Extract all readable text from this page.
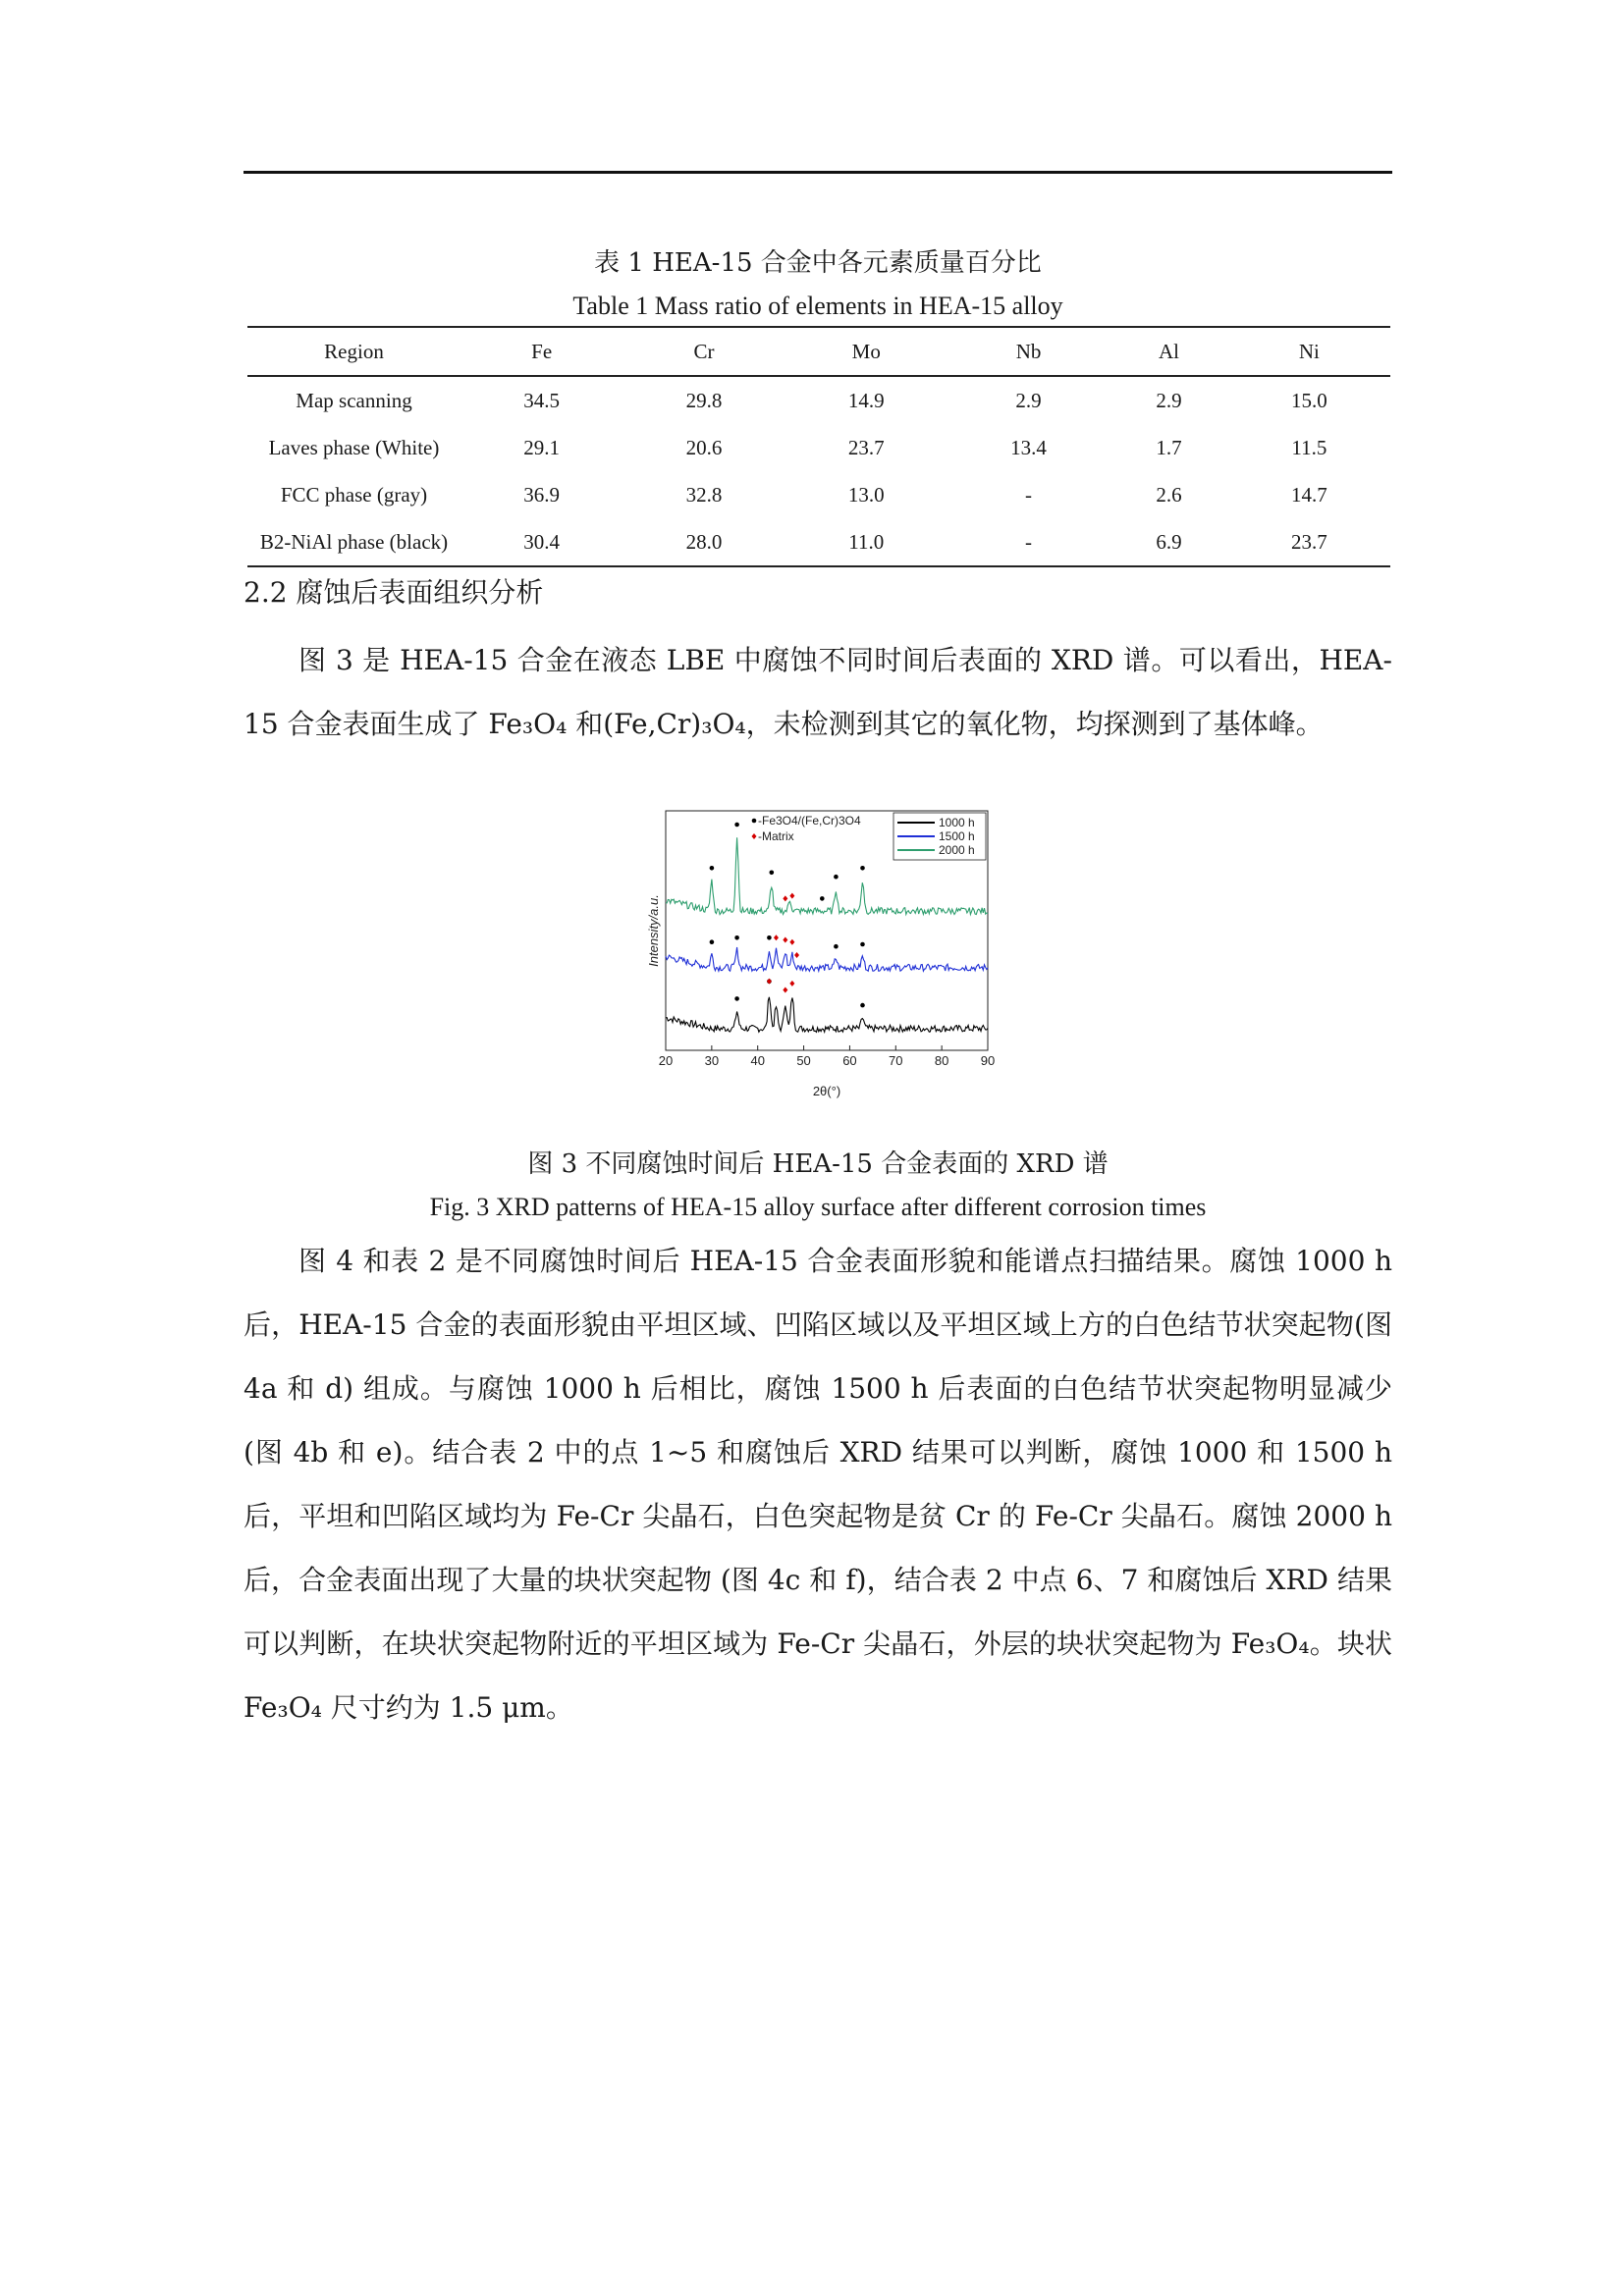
表 1 HEA-15 合金中各元素质量百分比
Table 1 Mass ratio of elements in HEA-15 alloy
Region	Fe	Cr	Mo	Nb	Al	Ni
Map scanning	34.5	29.8	14.9	2.9	2.9	15.0
Laves phase (White)	29.1	20.6	23.7	13.4	1.7	11.5
FCC phase (gray)	36.9	32.8	13.0	-	2.6	14.7
B2-NiAl phase (black)	30.4	28.0	11.0	-	6.9	23.7
2.2 腐蚀后表面组织分析

图 3 是 HEA-15 合金在液态 LBE 中腐蚀不同时间后表面的 XRD 谱。可以看出，HEA-15 合金表面生成了 Fe₃O₄ 和(Fe,Cr)₃O₄，未检测到其它的氧化物，均探测到了基体峰。

20 30 40 50 60 70 80 90
1000 h
1500 h
2000 h
-Fe3O4/(Fe,Cr)3O4
-Matrix
Intensity/a.u.
2θ(°)
图 3 不同腐蚀时间后 HEA-15 合金表面的 XRD 谱
Fig. 3 XRD patterns of HEA-15 alloy surface after different corrosion times

图 4 和表 2 是不同腐蚀时间后 HEA-15 合金表面形貌和能谱点扫描结果。腐蚀 1000 h 后，HEA-15 合金的表面形貌由平坦区域、凹陷区域以及平坦区域上方的白色结节状突起物(图 4a 和 d) 组成。与腐蚀 1000 h 后相比，腐蚀 1500 h 后表面的白色结节状突起物明显减少(图 4b 和 e)。结合表 2 中的点 1~5 和腐蚀后 XRD 结果可以判断，腐蚀 1000 和 1500 h 后，平坦和凹陷区域均为 Fe-Cr 尖晶石，白色突起物是贫 Cr 的 Fe-Cr 尖晶石。腐蚀 2000 h 后，合金表面出现了大量的块状突起物 (图 4c 和 f)，结合表 2 中点 6、7 和腐蚀后 XRD 结果可以判断，在块状突起物附近的平坦区域为 Fe-Cr 尖晶石，外层的块状突起物为 Fe₃O₄。块状 Fe₃O₄ 尺寸约为 1.5 μm。
